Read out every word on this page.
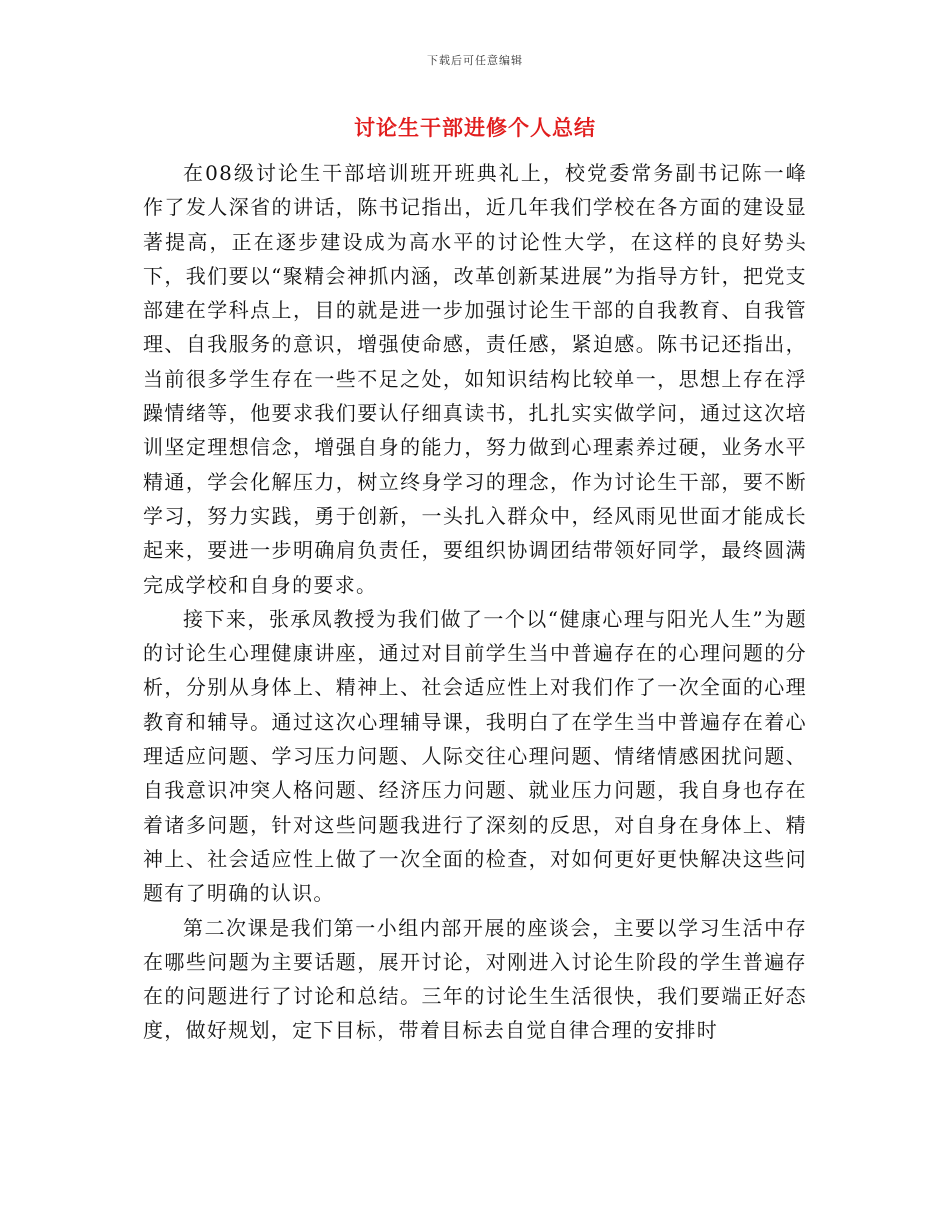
下载后可任意编辑
讨论生干部进修个人总结

在08级讨论生干部培训班开班典礼上，校党委常务副书记陈一峰作了发人深省的讲话，陈书记指出，近几年我们学校在各方面的建设显著提高，正在逐步建设成为高水平的讨论性大学，在这样的良好势头下，我们要以“聚精会神抓内涵，改革创新某进展”为指导方针，把党支部建在学科点上，目的就是进一步加强讨论生干部的自我教育、自我管理、自我服务的意识，增强使命感，责任感，紧迫感。陈书记还指出，当前很多学生存在一些不足之处，如知识结构比较单一，思想上存在浮躁情绪等，他要求我们要认仔细真读书，扎扎实实做学问，通过这次培训坚定理想信念，增强自身的能力，努力做到心理素养过硬，业务水平精通，学会化解压力，树立终身学习的理念，作为讨论生干部，要不断学习，努力实践，勇于创新，一头扎入群众中，经风雨见世面才能成长起来，要进一步明确肩负责任，要组织协调团结带领好同学，最终圆满完成学校和自身的要求。

接下来，张承凤教授为我们做了一个以“健康心理与阳光人生”为题的讨论生心理健康讲座，通过对目前学生当中普遍存在的心理问题的分析，分别从身体上、精神上、社会适应性上对我们作了一次全面的心理教育和辅导。通过这次心理辅导课，我明白了在学生当中普遍存在着心理适应问题、学习压力问题、人际交往心理问题、情绪情感困扰问题、自我意识冲突人格问题、经济压力问题、就业压力问题，我自身也存在着诸多问题，针对这些问题我进行了深刻的反思，对自身在身体上、精神上、社会适应性上做了一次全面的检查，对如何更好更快解决这些问题有了明确的认识。

第二次课是我们第一小组内部开展的座谈会，主要以学习生活中存在哪些问题为主要话题，展开讨论，对刚进入讨论生阶段的学生普遍存在的问题进行了讨论和总结。三年的讨论生生活很快，我们要端正好态度，做好规划，定下目标，带着目标去自觉自律合理的安排时
